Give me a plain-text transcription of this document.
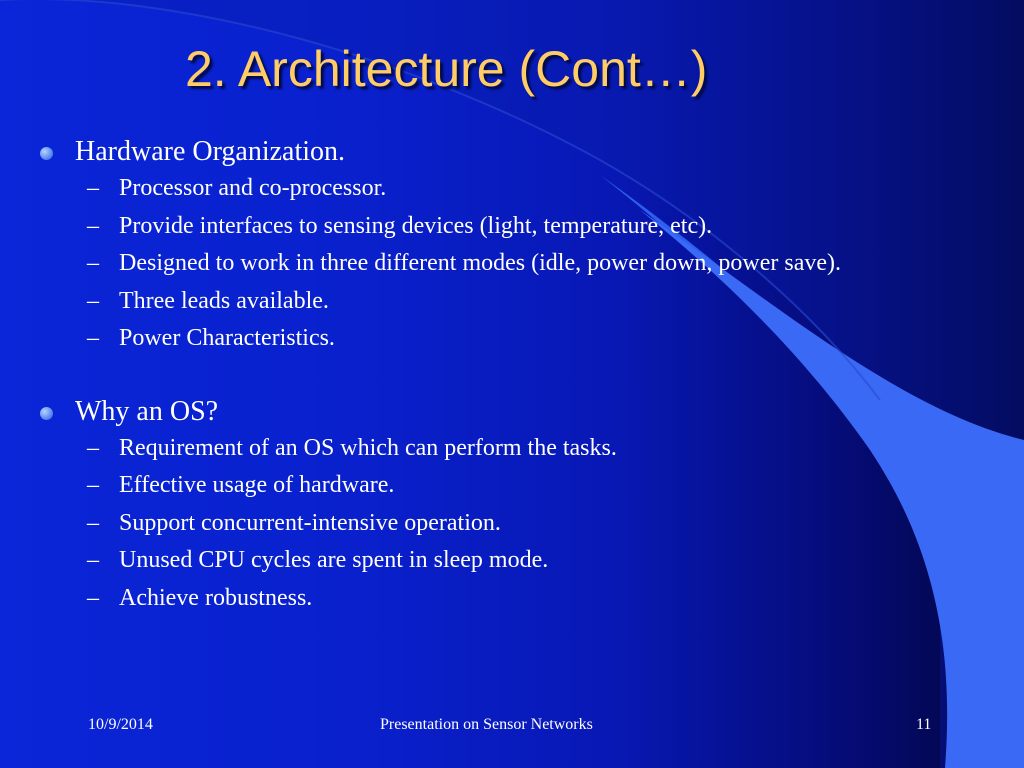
2. Architecture (Cont…)
Hardware Organization.
– Processor and co-processor.
– Provide interfaces to sensing devices (light, temperature, etc).
– Designed to work in three different modes (idle, power down, power save).
– Three leads available.
– Power Characteristics.
Why an OS?
– Requirement of an OS which can perform the tasks.
– Effective usage of hardware.
– Support concurrent-intensive operation.
– Unused CPU cycles are spent in sleep mode.
– Achieve robustness.
10/9/2014	Presentation on Sensor Networks	11
